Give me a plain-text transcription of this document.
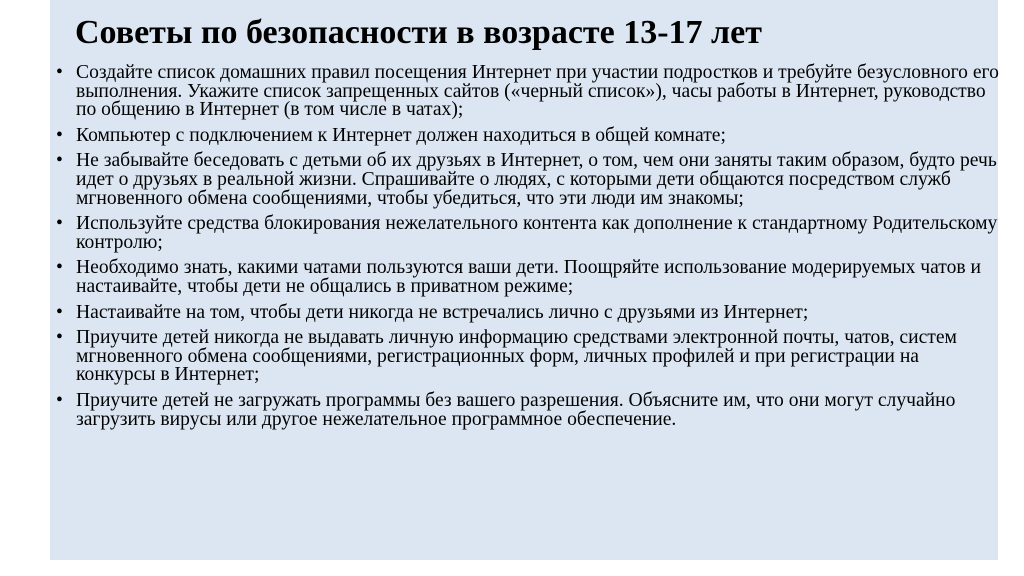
Советы по безопасности в возрасте 13-17 лет
• Создайте список домашних правил посещения Интернет при участии подростков и требуйте безусловного его выполнения. Укажите список запрещенных сайтов («черный список»), часы работы в Интернет, руководство по общению в Интернет (в том числе в чатах);
• Компьютер с подключением к Интернет должен находиться в общей комнате;
• Не забывайте беседовать с детьми об их друзьях в Интернет, о том, чем они заняты таким образом, будто речь идет о друзьях в реальной жизни. Спрашивайте о людях, с которыми дети общаются посредством служб мгновенного обмена сообщениями, чтобы убедиться, что эти люди им знакомы;
• Используйте средства блокирования нежелательного контента как дополнение к стандартному Родительскому контролю;
• Необходимо знать, какими чатами пользуются ваши дети. Поощряйте использование модерируемых чатов и настаивайте, чтобы дети не общались в приватном режиме;
• Настаивайте на том, чтобы дети никогда не встречались лично с друзьями из Интернет;
• Приучите детей никогда не выдавать личную информацию средствами электронной почты, чатов, систем мгновенного обмена сообщениями, регистрационных форм, личных профилей и при регистрации на конкурсы в Интернет;
• Приучите детей не загружать программы без вашего разрешения. Объясните им, что они могут случайно загрузить вирусы или другое нежелательное программное обеспечение.
